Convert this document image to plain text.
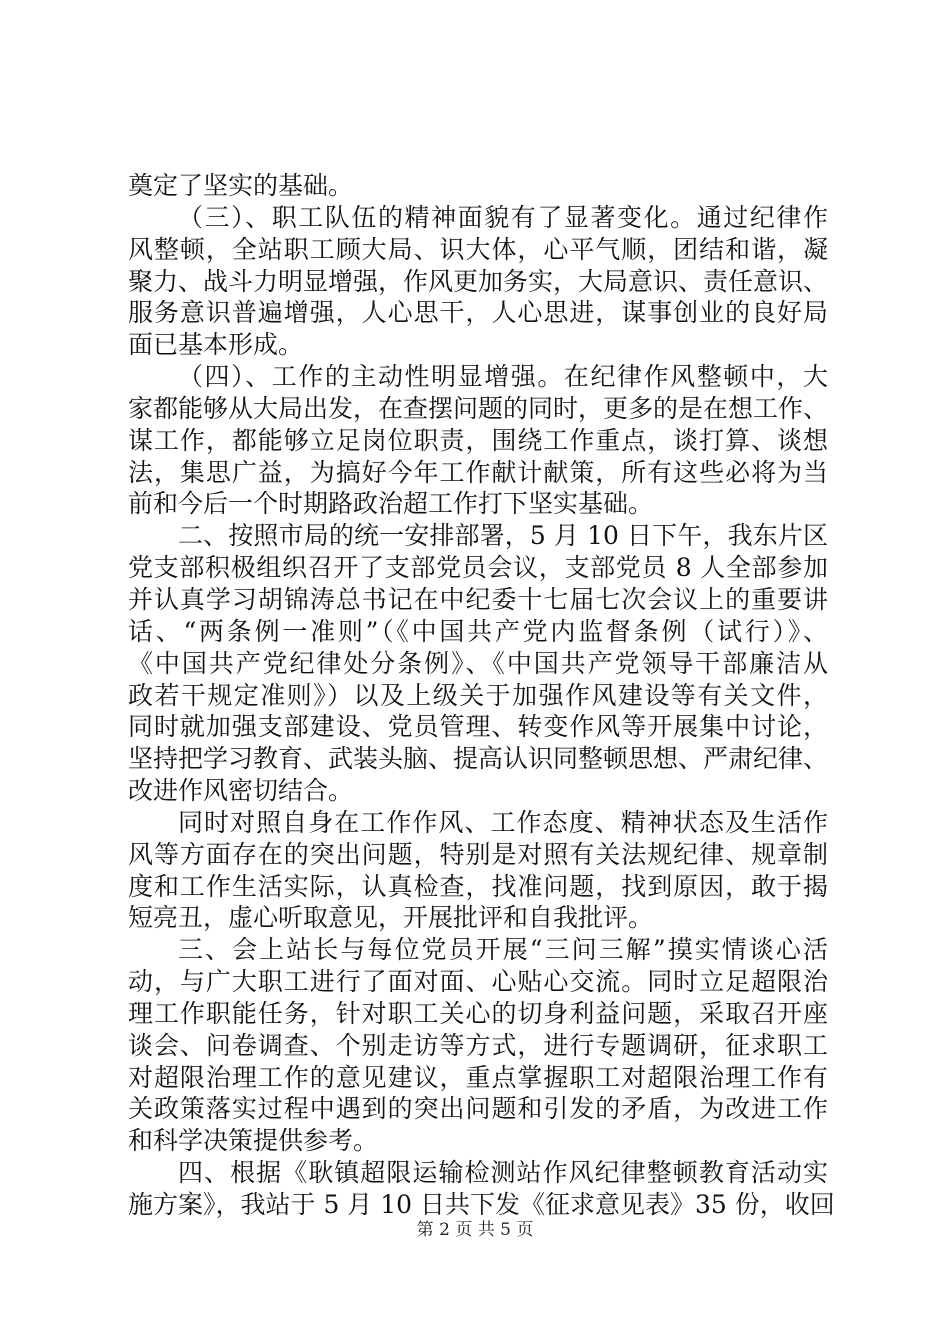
奠定了坚实的基础。
（三）、职工队伍的精神面貌有了显著变化。通过纪律作
风整顿，全站职工顾大局、识大体，心平气顺，团结和谐，凝
聚力、战斗力明显增强，作风更加务实，大局意识、责任意识、
服务意识普遍增强，人心思干，人心思进，谋事创业的良好局
面已基本形成。
（四）、工作的主动性明显增强。在纪律作风整顿中，大
家都能够从大局出发，在查摆问题的同时，更多的是在想工作、
谋工作，都能够立足岗位职责，围绕工作重点，谈打算、谈想
法，集思广益，为搞好今年工作献计献策，所有这些必将为当
前和今后一个时期路政治超工作打下坚实基础。
二、按照市局的统一安排部署，5 月 10 日下午，我东片区
党支部积极组织召开了支部党员会议，支部党员 8 人全部参加
并认真学习胡锦涛总书记在中纪委十七届七次会议上的重要讲
话、“两条例一准则”（《中国共产党内监督条例（试行）》、
《中国共产党纪律处分条例》、《中国共产党领导干部廉洁从
政若干规定准则》）以及上级关于加强作风建设等有关文件，
同时就加强支部建设、党员管理、转变作风等开展集中讨论，
坚持把学习教育、武装头脑、提高认识同整顿思想、严肃纪律、
改进作风密切结合。
同时对照自身在工作作风、工作态度、精神状态及生活作
风等方面存在的突出问题，特别是对照有关法规纪律、规章制
度和工作生活实际，认真检查，找准问题，找到原因，敢于揭
短亮丑，虚心听取意见，开展批评和自我批评。
三、会上站长与每位党员开展“三问三解”摸实情谈心活
动，与广大职工进行了面对面、心贴心交流。同时立足超限治
理工作职能任务，针对职工关心的切身利益问题，采取召开座
谈会、问卷调查、个别走访等方式，进行专题调研，征求职工
对超限治理工作的意见建议，重点掌握职工对超限治理工作有
关政策落实过程中遇到的突出问题和引发的矛盾，为改进工作
和科学决策提供参考。
四、根据《耿镇超限运输检测站作风纪律整顿教育活动实
施方案》，我站于 5 月 10 日共下发《征求意见表》35 份，收回
第 2 页 共 5 页
